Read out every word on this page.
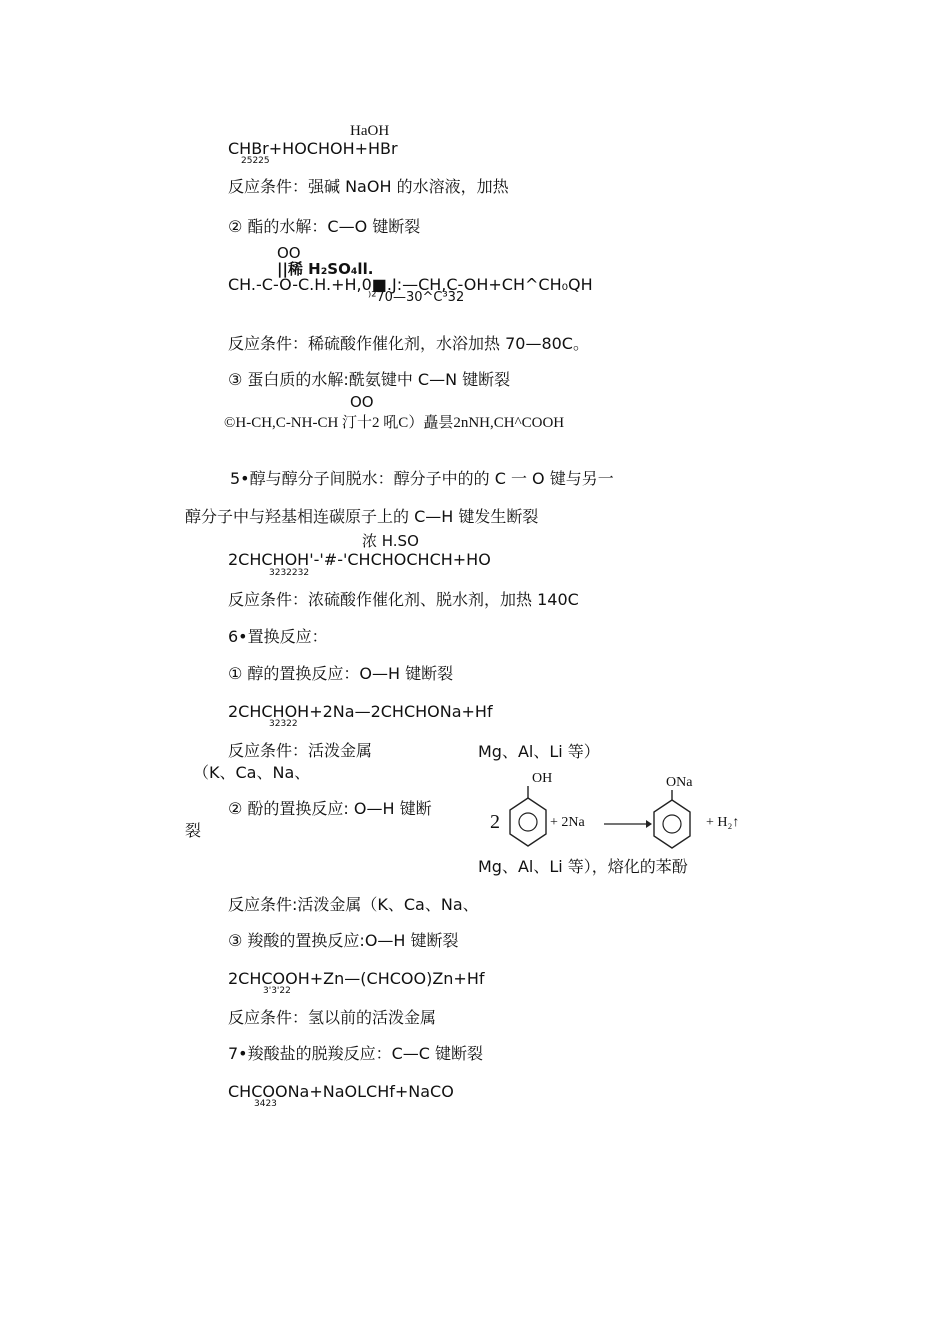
HaOH
CHBr+HOCHOH+HBr
25225
反应条件：强碱 NaOH 的水溶液，加热
② 酯的水解：C—O 键断裂
OO
||稀 H₂SO₄ll.
CH.-C-O-C.H.+H,0■.J:—CH,C-OH+CH^CH₀QH
⁾²70—30^C³32
反应条件：稀硫酸作催化剂，水浴加热 70—80C。
③ 蛋白质的水解:酰氨键中 C—N 键断裂
OO
©H-CH,C-NH-CH 汀十2 吼C）矗昙2nNH,CH^COOH
5•醇与醇分子间脱水：醇分子中的的 C 一 O 键与另一
醇分子中与羟基相连碳原子上的 C—H 键发生断裂
浓 H.SO
2CHCHOH'‑'#‑'CHCHOCHCH+HO
3232232
反应条件：浓硫酸作催化剂、脱水剂，加热 140C
6•置换反应：
① 醇的置换反应：O—H 键断裂
2CHCHOH+2Na—2CHCHONa+Hf
32322
反应条件：活泼金属	Mg、Al、Li 等）
（K、Ca、Na、
② 酚的置换反应: O—H 键断
裂	2
OH
+ 2Na →
ONa
+ H₂↑
Mg、Al、Li 等），熔化的苯酚
反应条件:活泼金属（K、Ca、Na、
③ 羧酸的置换反应:O—H 键断裂
2CHCOOH+Zn—(CHCOO)Zn+Hf
3'3'22
反应条件：氢以前的活泼金属
7•羧酸盐的脱羧反应：C—C 键断裂
CHCOONa+NaOLCHf+NaCO
3423
